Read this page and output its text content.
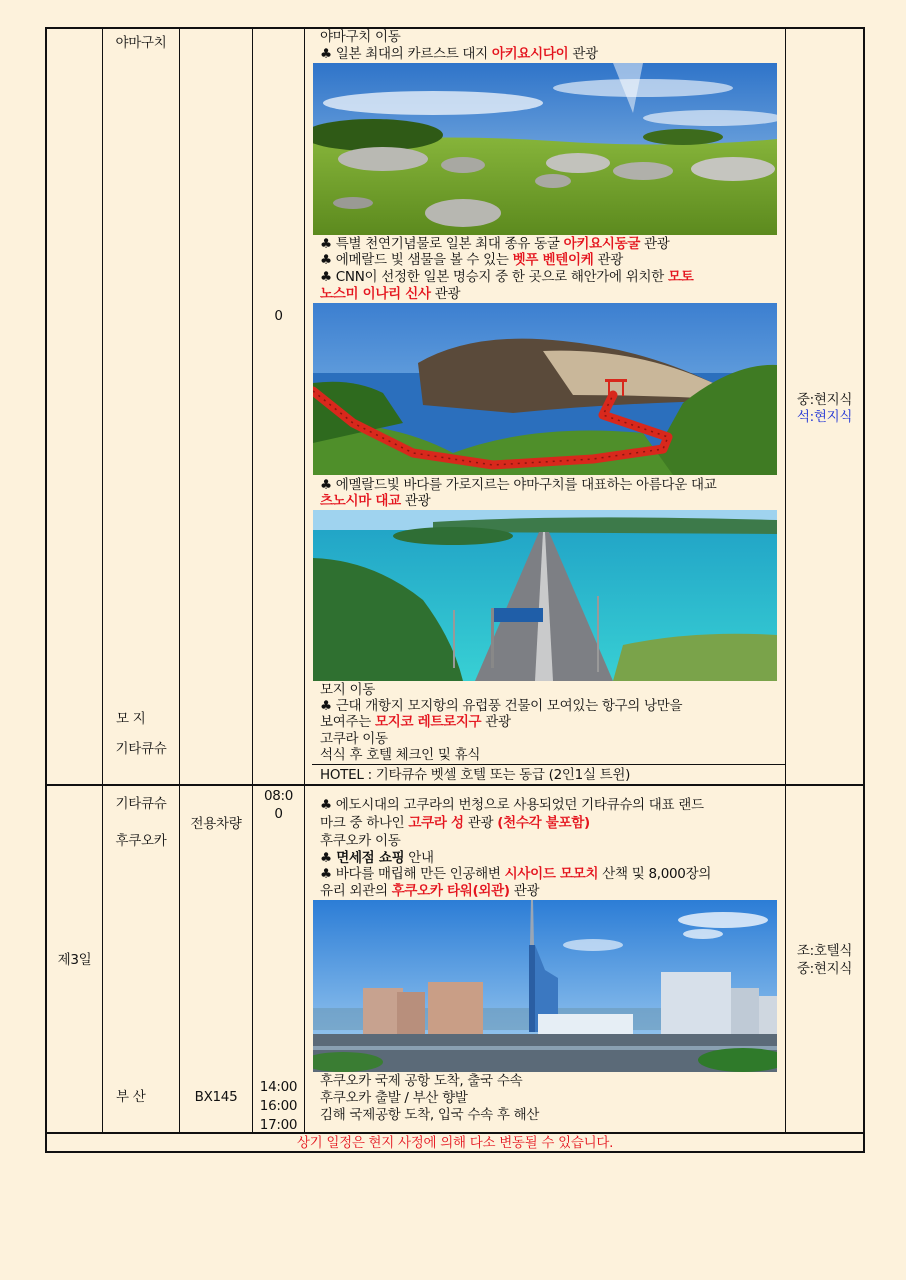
야마구치
모 지
기타큐슈
0
중:현지식
석:현지식
야마구치 이동
♣ 일본 최대의 카르스트 대지 아키요시다이 관광
♣ 특별 천연기념물로 일본 최대 종유 동굴 아키요시동굴 관광
♣ 에메랄드 빛 샘물을 볼 수 있는 벳푸 벤텐이케 관광
♣ CNN이 선정한 일본 명승지 중 한 곳으로 해안가에 위치한 모토
노스미 이나리 신사 관광
♣ 에멜랄드빛 바다를 가로지르는 야마구치를 대표하는 아름다운 대교
츠노시마 대교 관광
모지 이동
♣ 근대 개항지 모지항의 유럽풍 건물이 모여있는 항구의 낭만을
보여주는 모지코 레트로지구 관광
고쿠라 이동
석식 후 호텔 체크인 및 휴식
HOTEL : 기타큐슈 벳셀 호텔 또는 동급 (2인1실 트윈)
제3일
기타큐슈
후쿠오카
부 산
전용차량
BX145
08:0
0
14:00
16:00
17:00
조:호텔식
중:현지식
♣ 에도시대의 고쿠라의 번청으로 사용되었던 기타큐슈의 대표 랜드
마크 중 하나인 고쿠라 성 관광 (천수각 불포함)
후쿠오카 이동
♣ 면세점 쇼핑 안내
♣ 바다를 매립해 만든 인공해변 시사이드 모모치 산책 및 8,000장의
유리 외관의 후쿠오카 타워(외관) 관광
후쿠오카 국제 공항 도착, 출국 수속
후쿠오카 출발 / 부산 향발
김해 국제공항 도착, 입국 수속 후 해산
상기 일정은 현지 사정에 의해 다소 변동될 수 있습니다.
